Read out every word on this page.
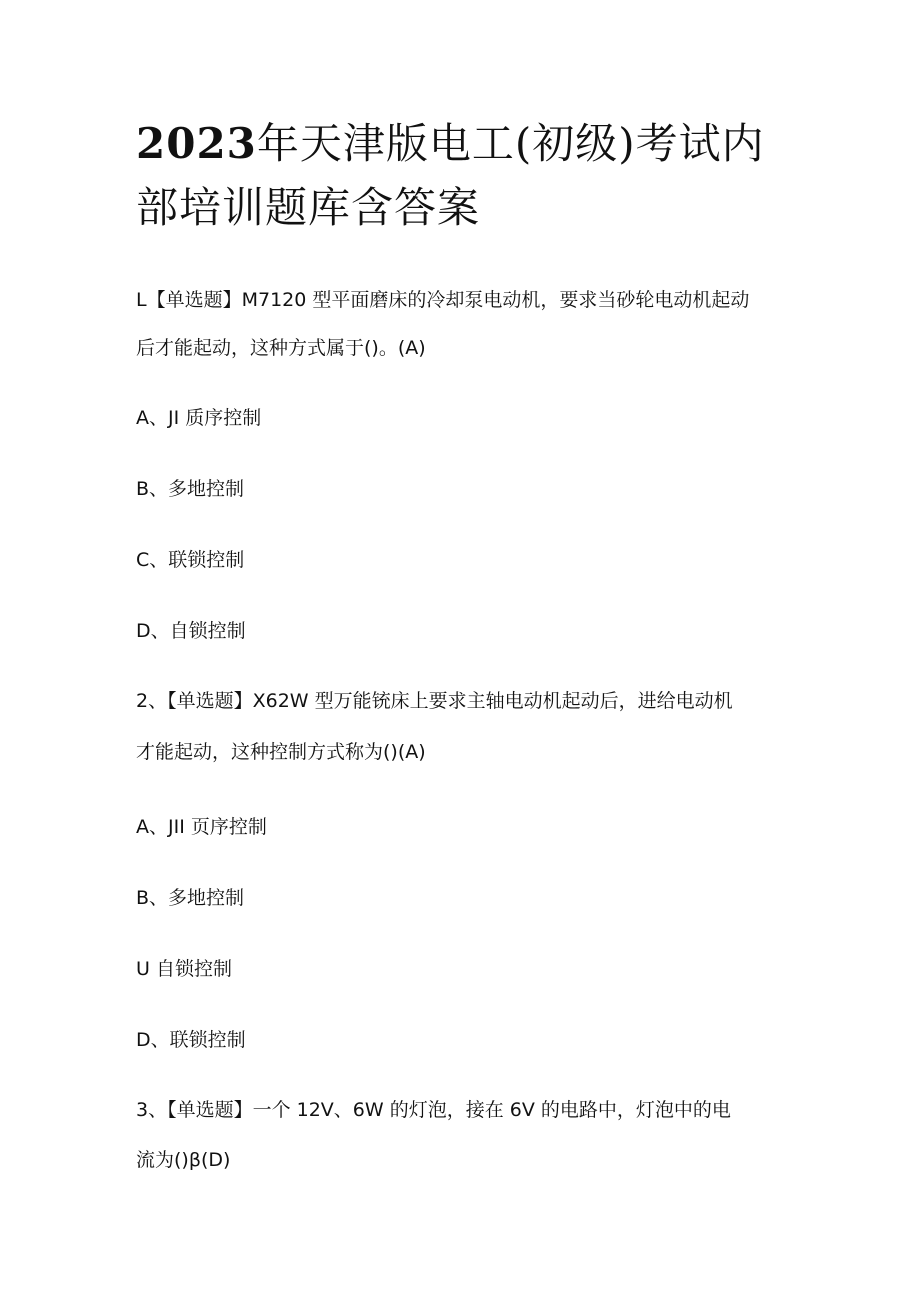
2023年天津版电工(初级)考试内部培训题库含答案

L【单选题】M7120 型平面磨床的冷却泵电动机，要求当砂轮电动机起动

后才能起动，这种方式属于()。(A)

A、JI 质序控制

B、多地控制

C、联锁控制

D、自锁控制

2、【单选题】X62W 型万能铳床上要求主轴电动机起动后，进给电动机

才能起动，这种控制方式称为()(A)

A、JII 页序控制

B、多地控制

U 自锁控制

D、联锁控制

3、【单选题】一个 12V、6W 的灯泡，接在 6V 的电路中，灯泡中的电

流为()β(D)
